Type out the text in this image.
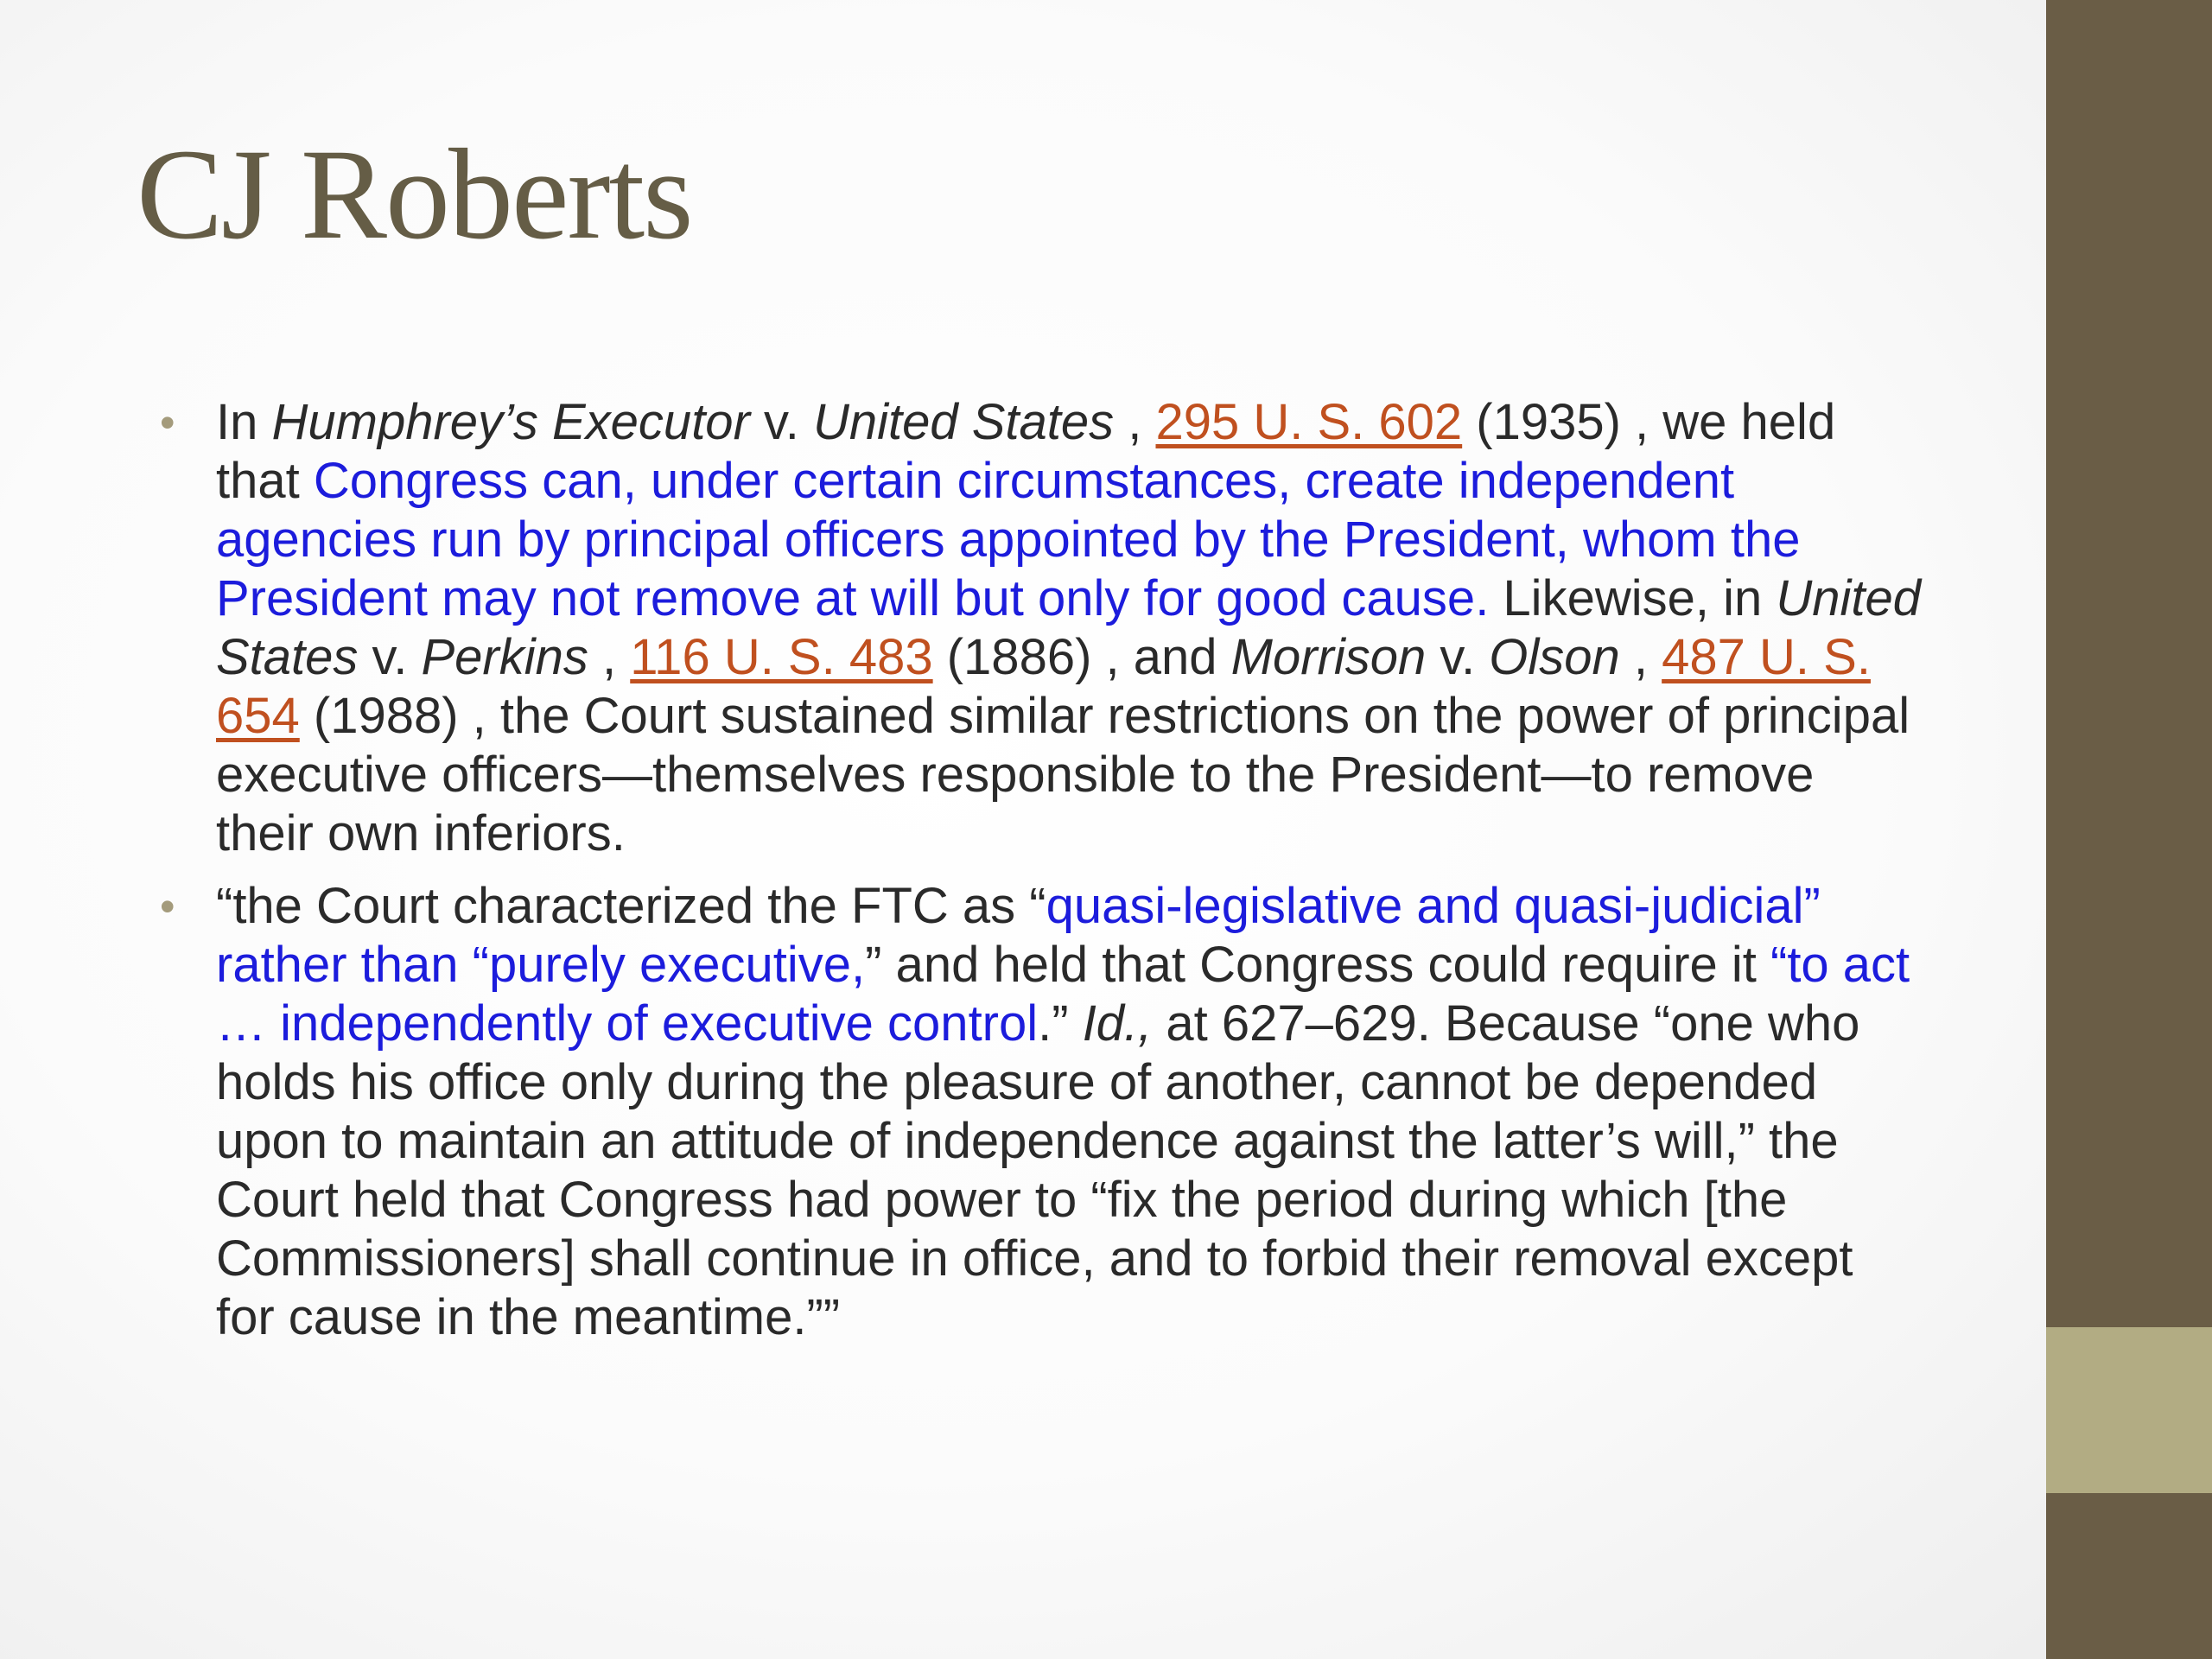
CJ Roberts
• In Humphrey’s Executor v. United States , 295 U. S. 602 (1935) , we held that Congress can, under certain circumstances, create independent agencies run by principal officers appointed by the President, whom the President may not remove at will but only for good cause. Likewise, in United States v. Perkins , 116 U. S. 483 (1886) , and Morrison v. Olson , 487 U. S. 654 (1988) , the Court sustained similar restrictions on the power of principal executive officers—themselves responsible to the President—to remove their own inferiors.
• “the Court characterized the FTC as “quasi-legislative and quasi-judicial” rather than “purely executive,” and held that Congress could require it “to act … independently of executive control.” Id., at 627–629. Because “one who holds his office only during the pleasure of another, cannot be depended upon to maintain an attitude of independence against the latter’s will,” the Court held that Congress had power to “fix the period during which [the Commissioners] shall continue in office, and to forbid their removal except for cause in the meantime.””
